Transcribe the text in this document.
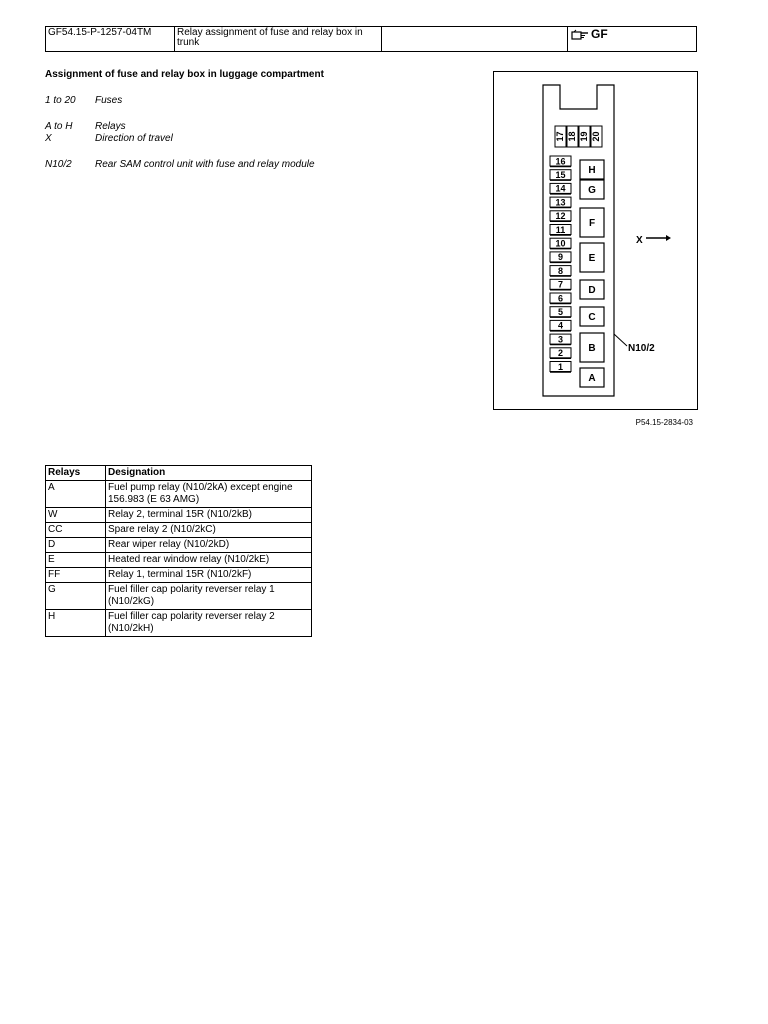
GF54.15-P-1257-04TM	Relay assignment of fuse and relay box in trunk
GF
Assignment of fuse and relay box in luggage compartment
1 to 20 Fuses
A to H Relays
X	Direction of travel
N10/2 Rear SAM control unit with fuse and relay module
17 18 19 20
16
15
14
13
12
11
10
9
8
7
6
5
4
3
2
1
H
G
F
E
D
C
B
A
X
N10/2
P54.15-2834-03
Relays	Designation
A	Fuel pump relay (N10/2kA) except engine 156.983 (E 63 AMG)
W	Relay 2, terminal 15R (N10/2kB)
CC	Spare relay 2 (N10/2kC)
D	Rear wiper relay (N10/2kD)
E	Heated rear window relay (N10/2kE)
FF	Relay 1, terminal 15R (N10/2kF)
G	Fuel filler cap polarity reverser relay 1 (N10/2kG)
H	Fuel filler cap polarity reverser relay 2 (N10/2kH)
